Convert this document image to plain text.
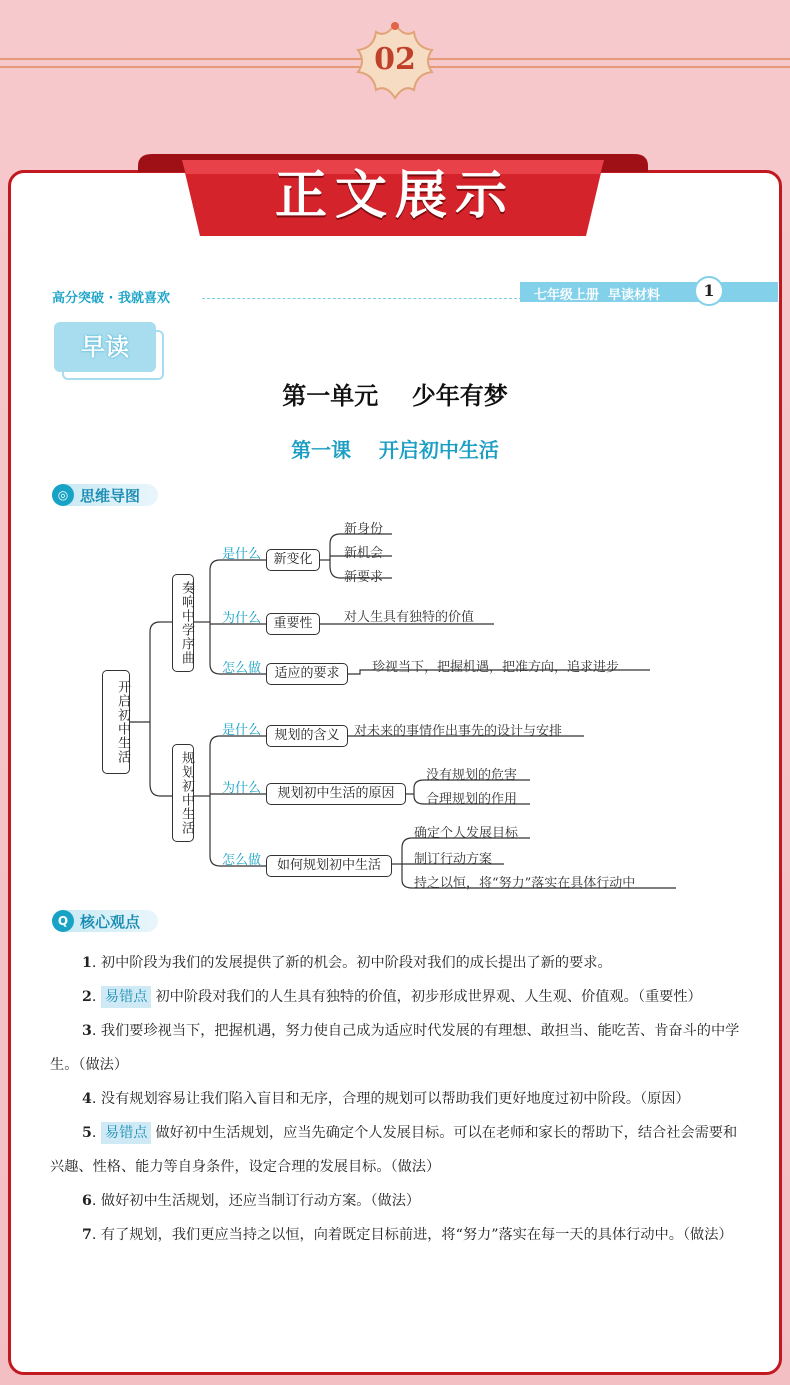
02
正文展示
高分突破 · 我就喜欢	七年级上册  早读材料	1
早读
第一单元    少年有梦
第一课    开启初中生活
◎ 思维导图
开启初中生活
奏响中学序曲
是什么 新变化
新身份
新机会
新要求
为什么 重要性	对人生具有独特的价值
怎么做	适应的要求	珍视当下，把握机遇，把准方向，追求进步
规划初中生活
是什么	规划的含义	对未来的事情作出事先的设计与安排
为什么	规划初中生活的原因
没有规划的危害
合理规划的作用
怎么做	如何规划初中生活
确定个人发展目标
制订行动方案
持之以恒，将“努力”落实在具体行动中
Q 核心观点

1. 初中阶段为我们的发展提供了新的机会。初中阶段对我们的成长提出了新的要求。

2. 易错点 初中阶段对我们的人生具有独特的价值，初步形成世界观、人生观、价值观。（重要性）

3. 我们要珍视当下，把握机遇，努力使自己成为适应时代发展的有理想、敢担当、能吃苦、肯奋斗的中学生。（做法）

4. 没有规划容易让我们陷入盲目和无序，合理的规划可以帮助我们更好地度过初中阶段。（原因）

5. 易错点 做好初中生活规划，应当先确定个人发展目标。可以在老师和家长的帮助下，结合社会需要和兴趣、性格、能力等自身条件，设定合理的发展目标。（做法）

6. 做好初中生活规划，还应当制订行动方案。（做法）

7. 有了规划，我们更应当持之以恒，向着既定目标前进，将“努力”落实在每一天的具体行动中。（做法）
